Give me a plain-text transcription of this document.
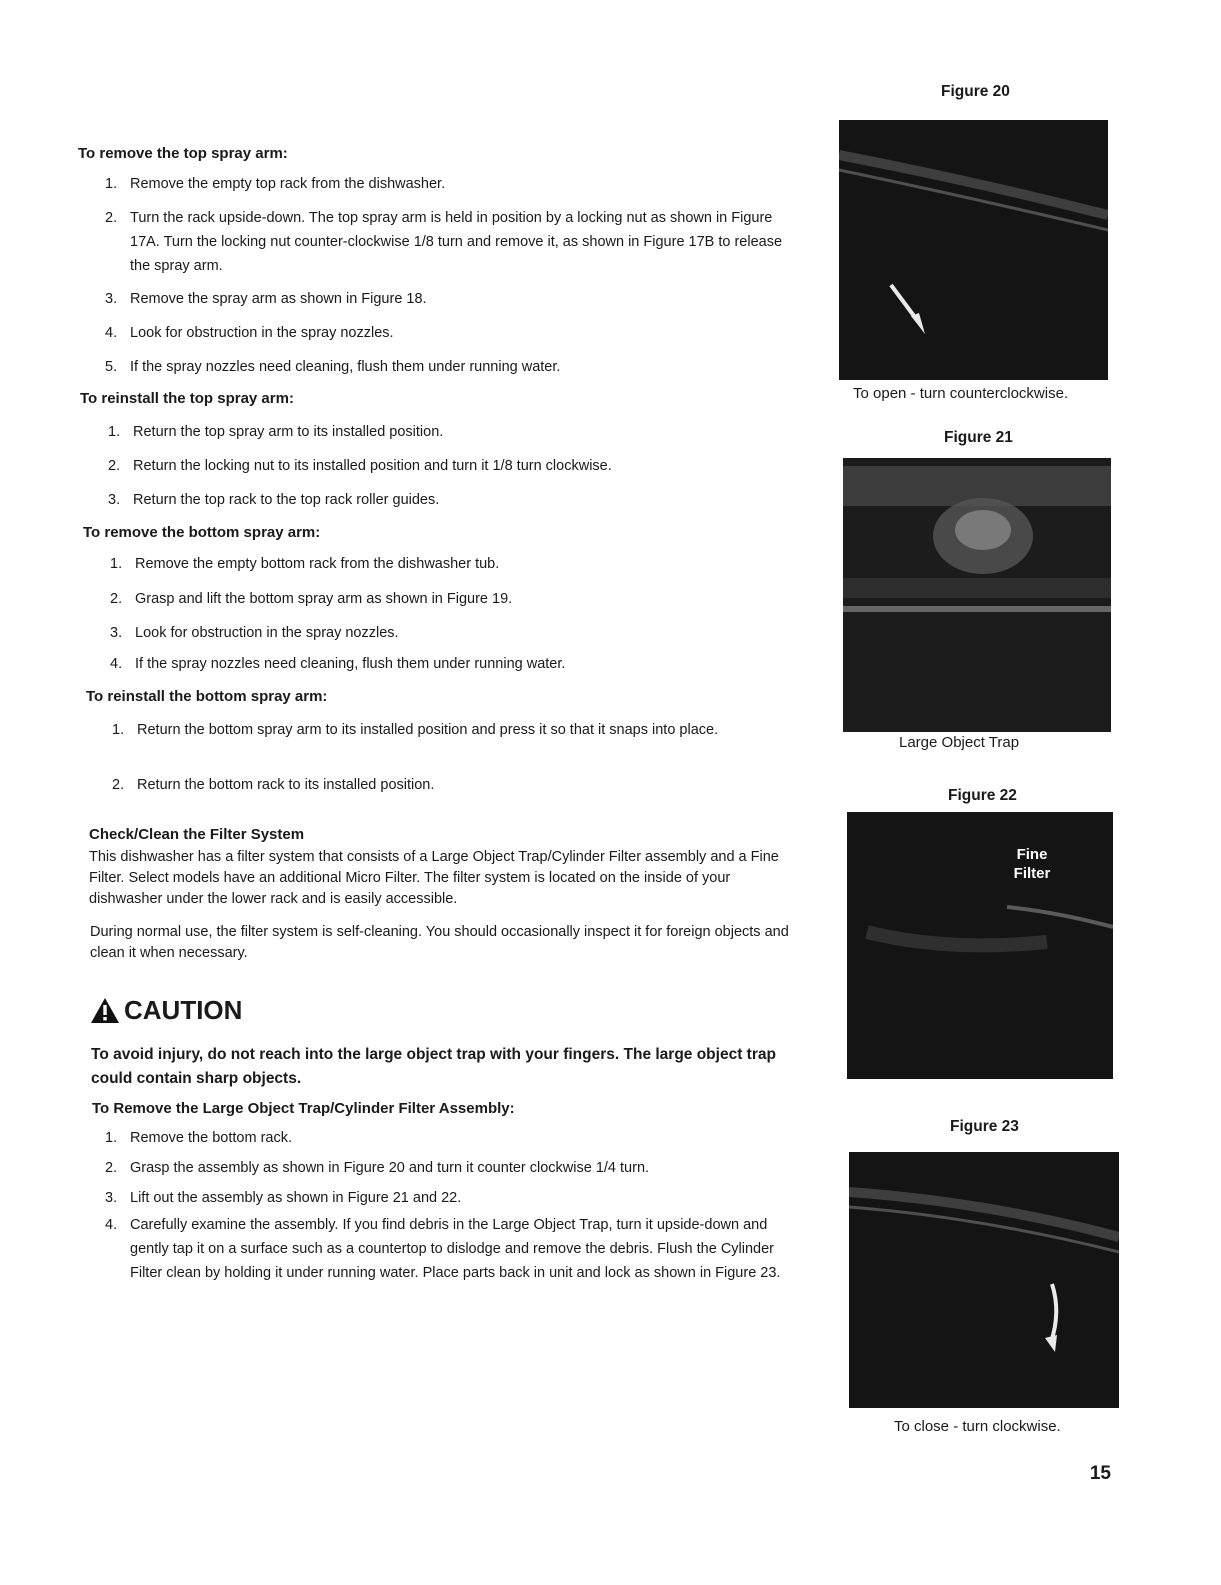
To remove the top spray arm:
1. Remove the empty top rack from the dishwasher.
2. Turn the rack upside-down. The top spray arm is held in position by a locking nut as shown in Figure 17A. Turn the locking nut counter-clockwise 1/8 turn and remove it, as shown in Figure 17B to release the spray arm.
3. Remove the spray arm as shown in Figure 18.
4. Look for obstruction in the spray nozzles.
5. If the spray nozzles need cleaning, flush them under running water.
To reinstall the top spray arm:
1. Return the top spray arm to its installed position.
2. Return the locking nut to its installed position and turn it 1/8 turn clockwise.
3. Return the top rack to the top rack roller guides.
To remove the bottom spray arm:
1. Remove the empty bottom rack from the dishwasher tub.
2. Grasp and lift the bottom spray arm as shown in Figure 19.
3. Look for obstruction in the spray nozzles.
4. If the spray nozzles need cleaning, flush them under running water.
To reinstall the bottom spray arm:
1. Return the bottom spray arm to its installed position and press it so that it snaps into place.
2. Return the bottom rack to its installed position.
Check/Clean the Filter System
This dishwasher has a filter system that consists of a Large Object Trap/Cylinder Filter assembly and a Fine Filter. Select models have an additional Micro Filter. The filter system is located on the inside of your dishwasher under the lower rack and is easily accessible.
During normal use, the filter system is self-cleaning. You should occasionally inspect it for foreign objects and clean it when necessary.
CAUTION
To avoid injury, do not reach into the large object trap with your fingers. The large object trap could contain sharp objects.
To Remove the Large Object Trap/Cylinder Filter Assembly:
1. Remove the bottom rack.
2. Grasp the assembly as shown in Figure 20 and turn it counter clockwise 1/4 turn.
3. Lift out the assembly as shown in Figure 21 and 22.
4. Carefully examine the assembly. If you find debris in the Large Object Trap, turn it upside-down and gently tap it on a surface such as a countertop to dislodge and remove the debris. Flush the Cylinder Filter clean by holding it under running water. Place parts back in unit and lock as shown in Figure 23.
Figure 20
To open - turn counterclockwise.
Figure 21
Large Object Trap
Figure 22
Fine
Filter
Figure 23
To close - turn clockwise.
15
